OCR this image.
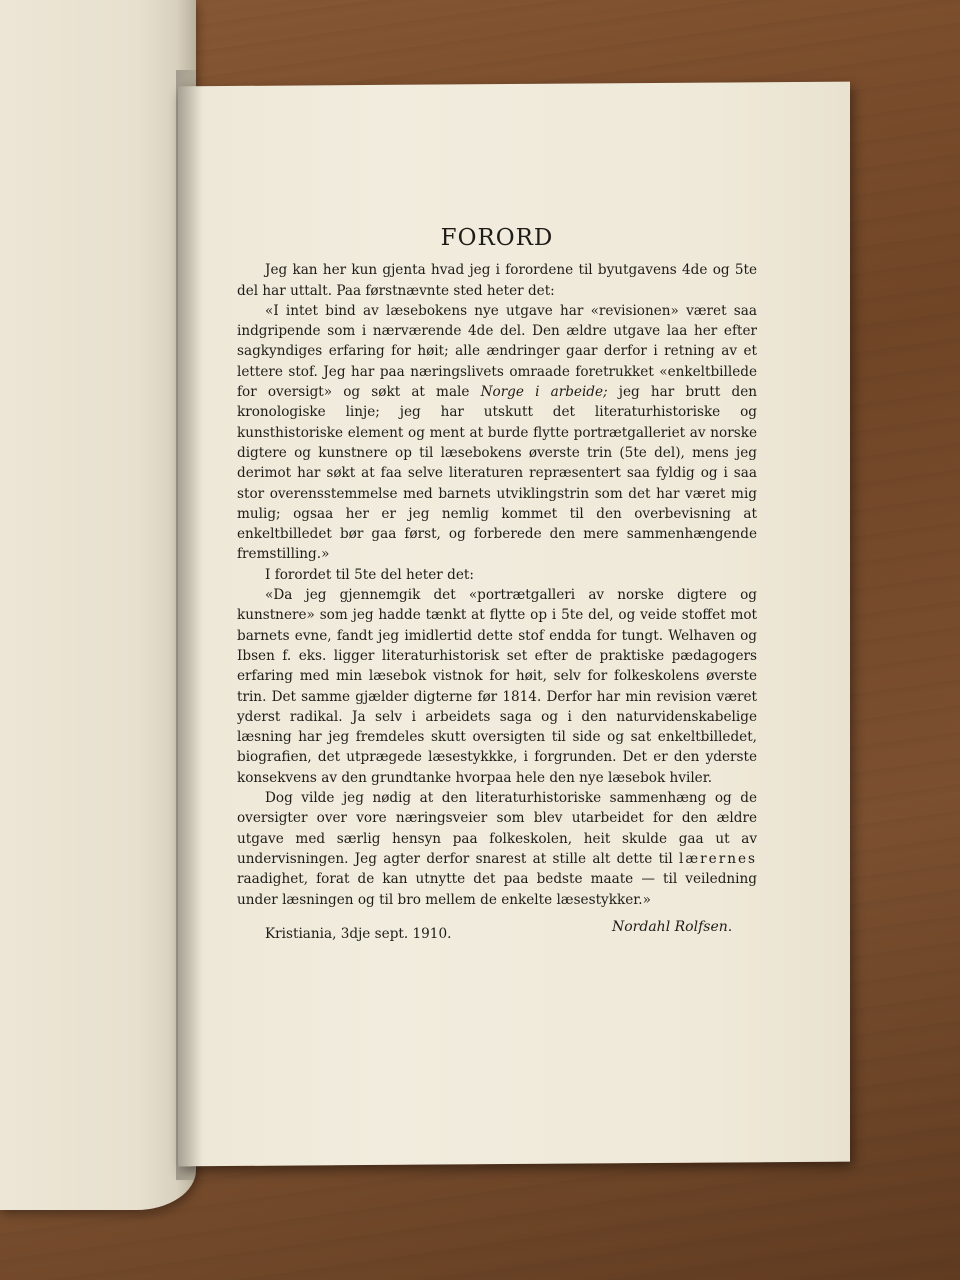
FORORD

Jeg kan her kun gjenta hvad jeg i forordene til byutgavens 4de og 5te del har uttalt. Paa førstnævnte sted heter det:

«I intet bind av læsebokens nye utgave har «revisionen» været saa indgripende som i nærværende 4de del. Den ældre utgave laa her efter sagkyndiges erfaring for høit; alle ændringer gaar derfor i retning av et lettere stof. Jeg har paa næringslivets omraade foretrukket «enkeltbillede for oversigt» og søkt at male Norge i arbeide; jeg har brutt den kronologiske linje; jeg har utskutt det literaturhistoriske og kunsthistoriske element og ment at burde flytte portrætgalleriet av norske digtere og kunstnere op til læsebokens øverste trin (5te del), mens jeg derimot har søkt at faa selve literaturen repræsentert saa fyldig og i saa stor overensstemmelse med barnets utviklingstrin som det har været mig mulig; ogsaa her er jeg nemlig kommet til den overbevisning at enkeltbilledet bør gaa først, og forberede den mere sammenhængende fremstilling.»

I forordet til 5te del heter det:

«Da jeg gjennemgik det «portrætgalleri av norske digtere og kunstnere» som jeg hadde tænkt at flytte op i 5te del, og veide stoffet mot barnets evne, fandt jeg imidlertid dette stof endda for tungt. Welhaven og Ibsen f. eks. ligger literaturhistorisk set efter de praktiske pædagogers erfaring med min læsebok vistnok for høit, selv for folkeskolens øverste trin. Det samme gjælder digterne før 1814. Derfor har min revision været yderst radikal. Ja selv i arbeidets saga og i den naturvidenskabelige læsning har jeg fremdeles skutt oversigten til side og sat enkeltbilledet, biografien, det utprægede læsestykkke, i forgrunden. Det er den yderste konsekvens av den grundtanke hvorpaa hele den nye læsebok hviler.

Dog vilde jeg nødig at den literaturhistoriske sammenhæng og de oversigter over vore næringsveier som blev utarbeidet for den ældre utgave med særlig hensyn paa folkeskolen, heit skulde gaa ut av undervisningen. Jeg agter derfor snarest at stille alt dette til lærernes raadighet, forat de kan utnytte det paa bedste maate — til veiledning under læsningen og til bro mellem de enkelte læsestykker.»

Kristiania, 3dje sept. 1910.	Nordahl Rolfsen.
